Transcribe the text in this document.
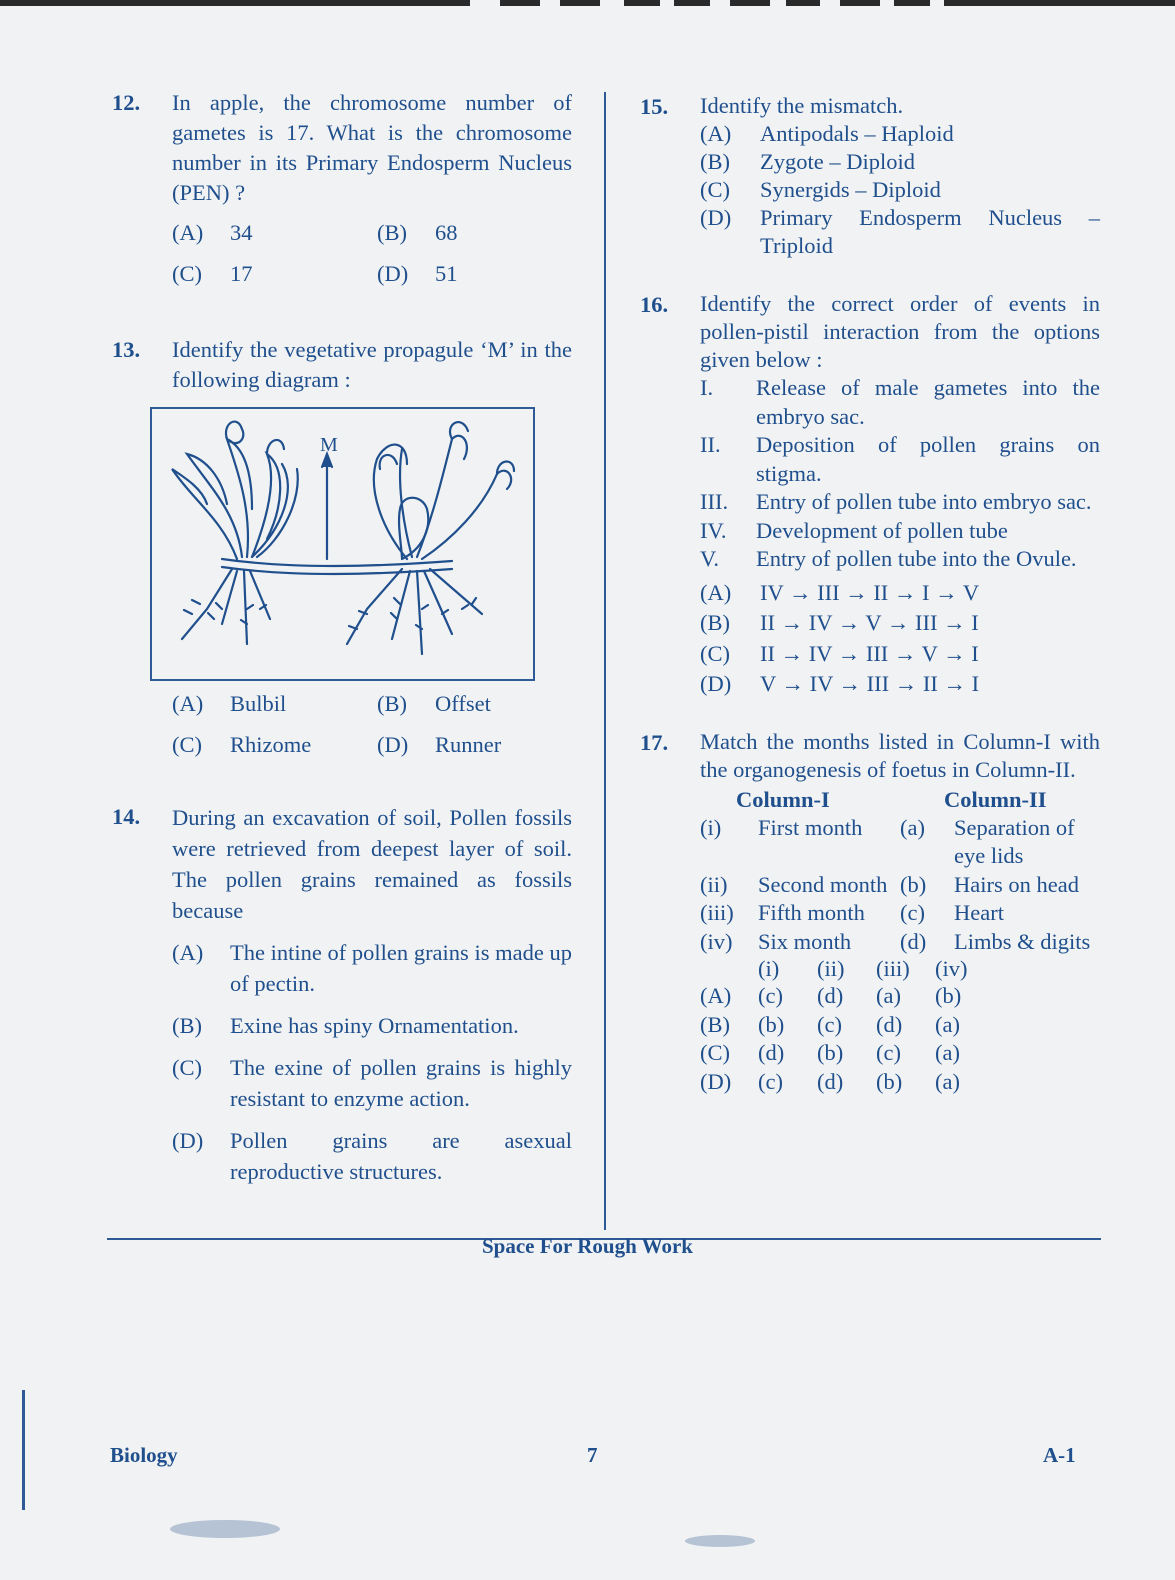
12. In apple, the chromosome number of gametes is 17. What is the chromosome number in its Primary Endosperm Nucleus (PEN) ?
(A)	34	(B)	68
(C)	17	(D)	51
13. Identify the vegetative propagule ‘M’ in the following diagram :
M
(A)	Bulbil	(B)	Offset
(C)	Rhizome	(D)	Runner
14. During an excavation of soil, Pollen fossils were retrieved from deepest layer of soil. The pollen grains remained as fossils because
(A)	The intine of pollen grains is made up of pectin.
(B)	Exine has spiny Ornamentation.
(C)	The exine of pollen grains is highly resistant to enzyme action.
(D)	Pollen grains are asexual reproductive structures.
15. Identify the mismatch.
(A)	Antipodals – Haploid
(B)	Zygote – Diploid
(C)	Synergids – Diploid
(D)	Primary Endosperm Nucleus – Triploid
16. Identify the correct order of events in pollen-pistil interaction from the options given below :
I.	Release of male gametes into the embryo sac.
II.	Deposition of pollen grains on stigma.
III.	Entry of pollen tube into embryo sac.
IV.	Development of pollen tube
V.	Entry of pollen tube into the Ovule.
(A)	IV → III → II → I → V
(B)	II → IV → V → III → I
(C)	II → IV → III → V → I
(D)	V → IV → III → II → I
17. Match the months listed in Column-I with the organogenesis of foetus in Column-II.
Column-I	Column-II
(i)	First month	(a)	Separation of eye lids
(ii)	Second month (b)	Hairs on head
(iii)	Fifth month	(c)	Heart
(iv)	Six month	(d)	Limbs & digits
(i)	(ii)	(iii)	(iv)
(A)	(c)	(d)	(a)	(b)
(B)	(b)	(c)	(d)	(a)
(C)	(d)	(b)	(c)	(a)
(D)	(c)	(d)	(b)	(a)
Space For Rough Work
Biology	7	A-1
